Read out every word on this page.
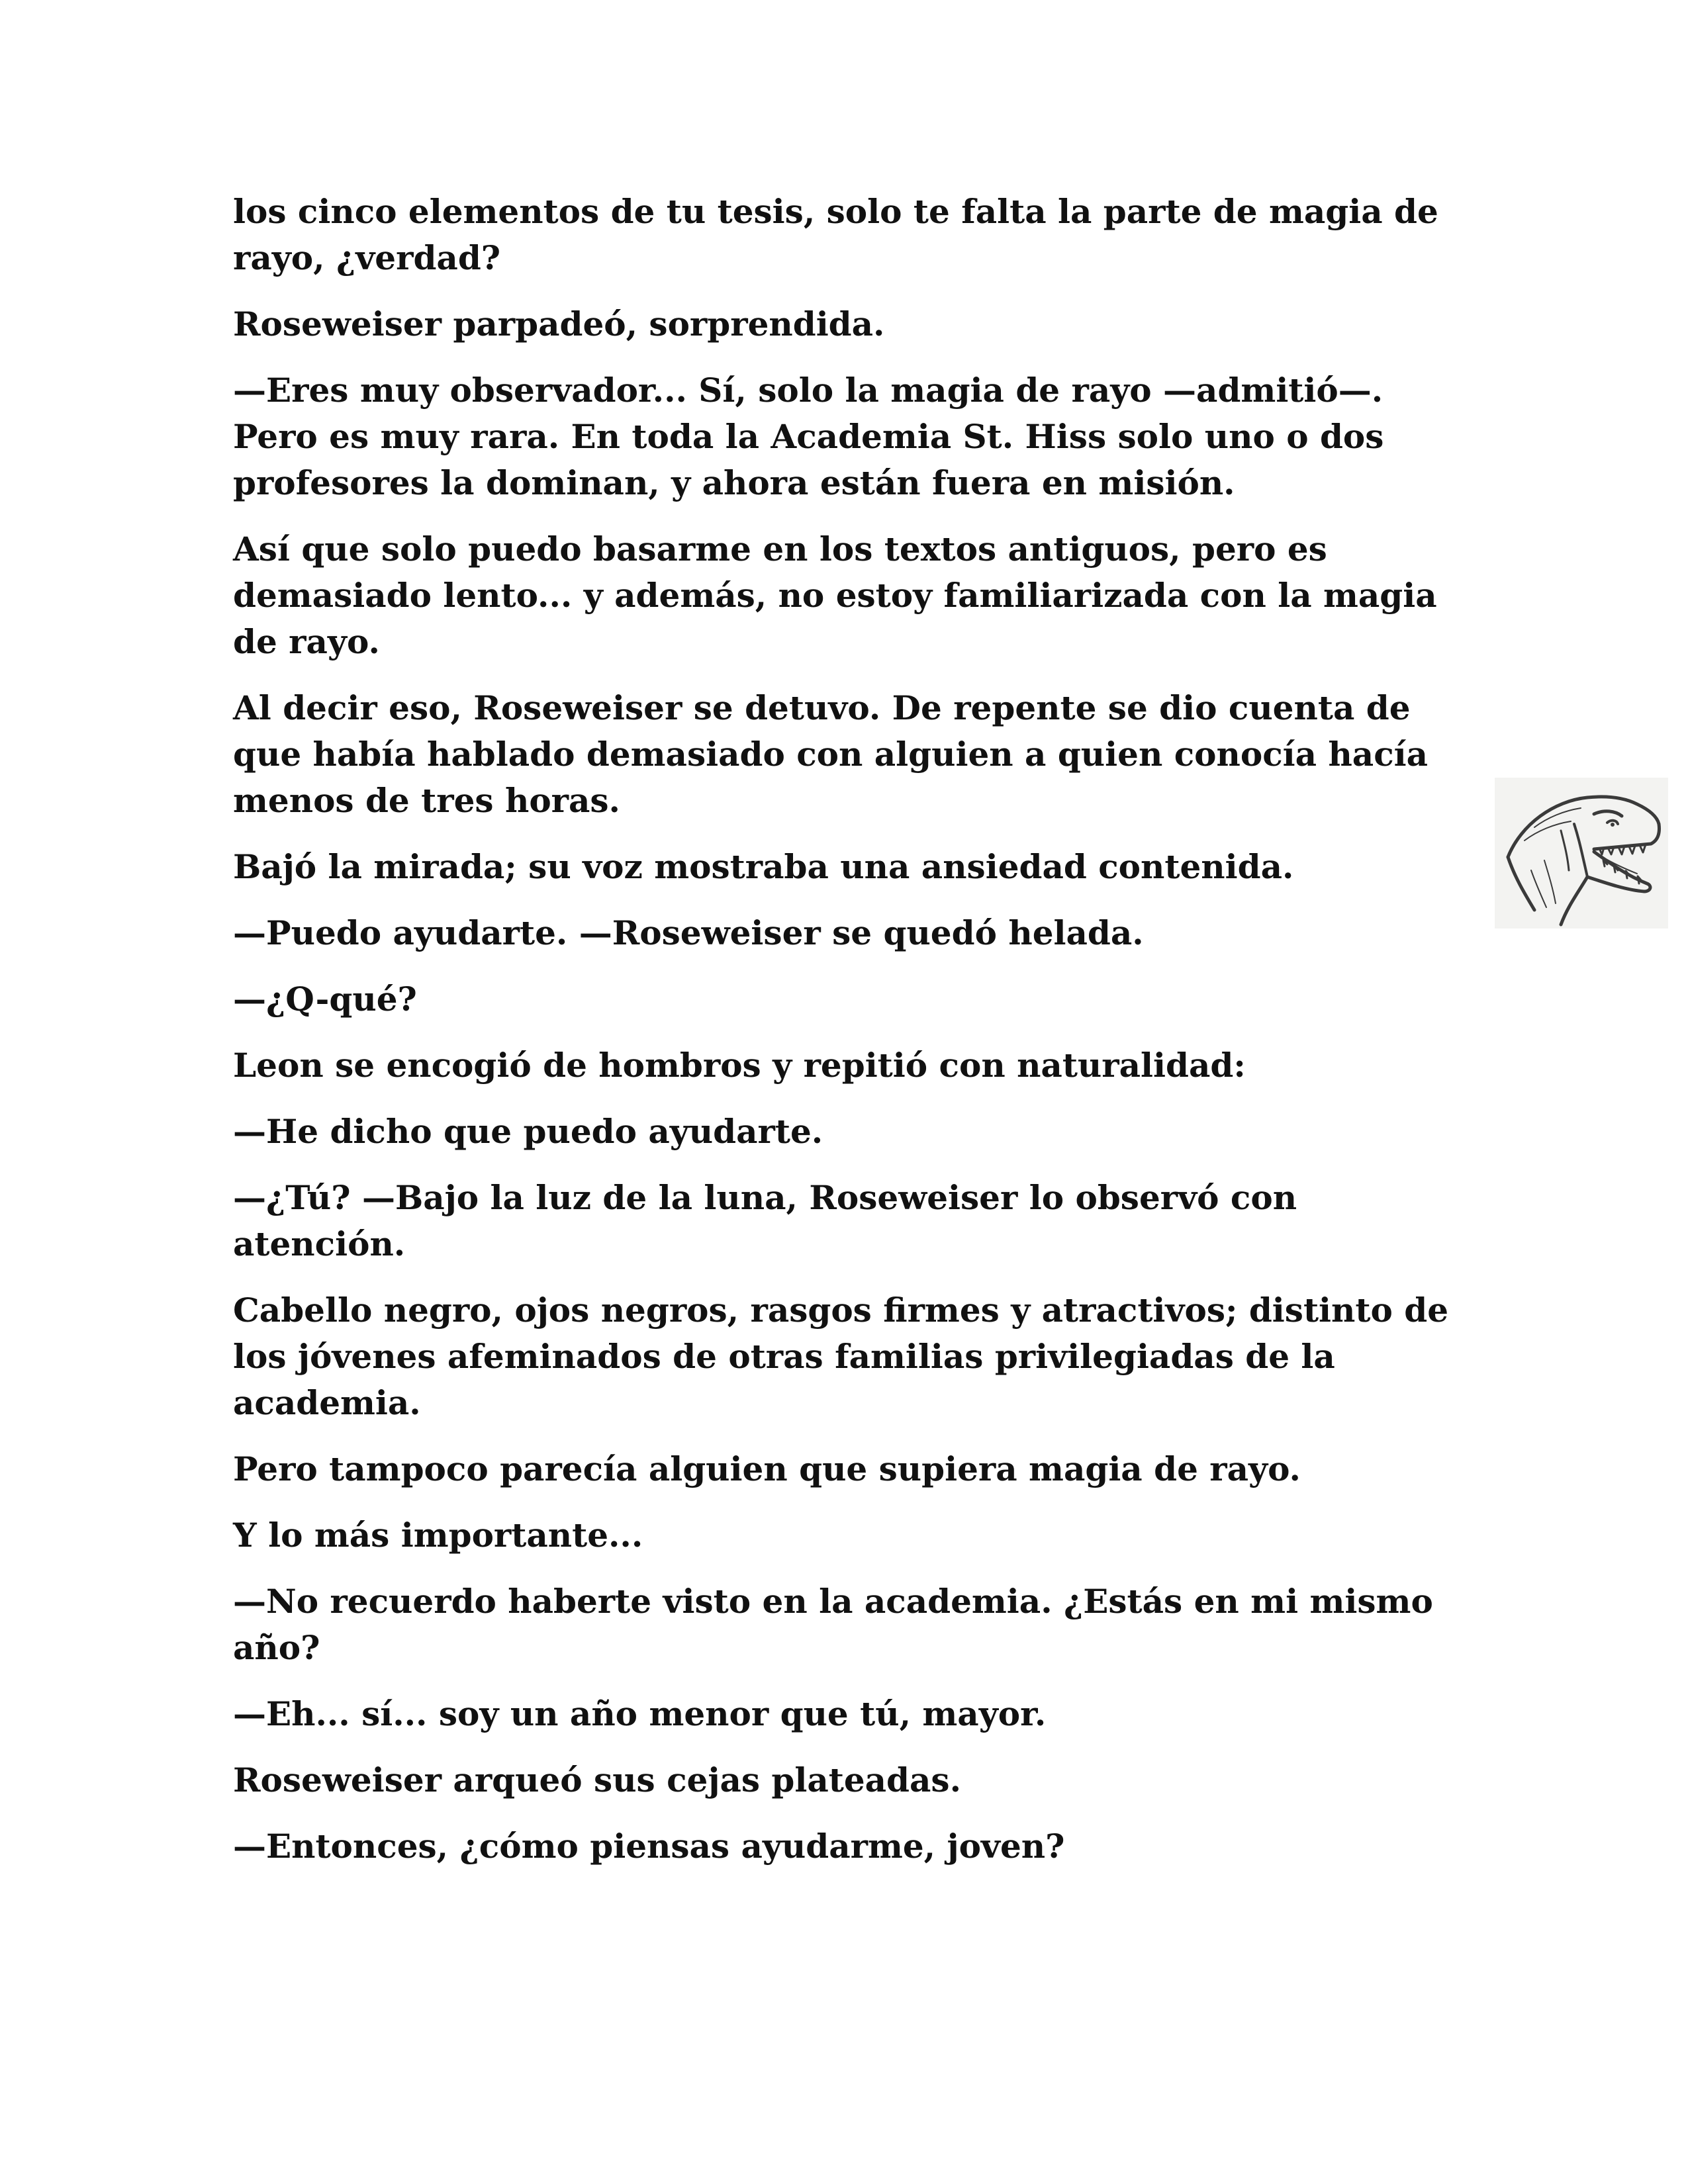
los cinco elementos de tu tesis, solo te falta la parte de magia de rayo, ¿verdad?

Roseweiser parpadeó, sorprendida.

—Eres muy observador... Sí, solo la magia de rayo —admitió—. Pero es muy rara. En toda la Academia St. Hiss solo uno o dos profesores la dominan, y ahora están fuera en misión.

Así que solo puedo basarme en los textos antiguos, pero es demasiado lento... y además, no estoy familiarizada con la magia de rayo.

Al decir eso, Roseweiser se detuvo. De repente se dio cuenta de que había hablado demasiado con alguien a quien conocía hacía menos de tres horas.

Bajó la mirada; su voz mostraba una ansiedad contenida.

—Puedo ayudarte. —Roseweiser se quedó helada.

—¿Q-qué?

Leon se encogió de hombros y repitió con naturalidad:

—He dicho que puedo ayudarte.

—¿Tú? —Bajo la luz de la luna, Roseweiser lo observó con atención.

Cabello negro, ojos negros, rasgos firmes y atractivos; distinto de los jóvenes afeminados de otras familias privilegiadas de la academia.

Pero tampoco parecía alguien que supiera magia de rayo.

Y lo más importante...

—No recuerdo haberte visto en la academia. ¿Estás en mi mismo año?

—Eh... sí... soy un año menor que tú, mayor.

Roseweiser arqueó sus cejas plateadas.

—Entonces, ¿cómo piensas ayudarme, joven?
